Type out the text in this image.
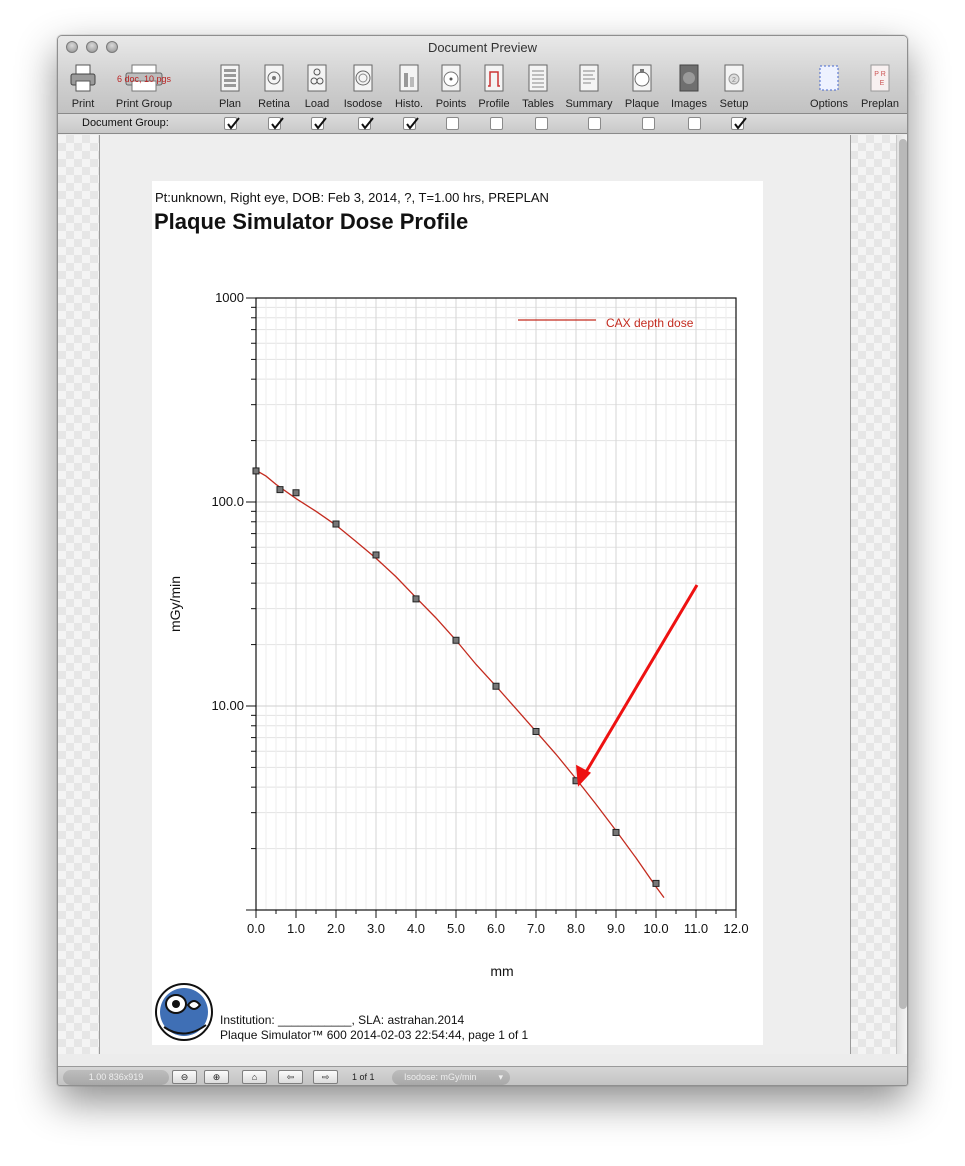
Document Preview
Print
6 doc, 10 pgs
Print Group	Plan	Retina	Load	Isodose	Histo.	Points	Profile	Tables	Summary	Plaque	Images
2
Setup	Options
P R
E
Preplan
Document Group:
Pt:unknown, Right eye, DOB: Feb 3, 2014, ?, T=1.00 hrs, PREPLAN
Plaque Simulator Dose Profile
1000
100.0
10.00
0.0 1.0 2.0 3.0 4.0 5.0 6.0 7.0 8.0 9.0 10.0 11.0 12.0
mm
mGy/min
CAX depth dose
Institution: ___________, SLA: astrahan.2014
Plaque Simulator™ 600 2014-02-03 22:54:44, page 1 of 1
1.00 836x919	⊖	⊕	⌂	⇦	⇨	1 of 1	Isodose: mGy/min ▾
